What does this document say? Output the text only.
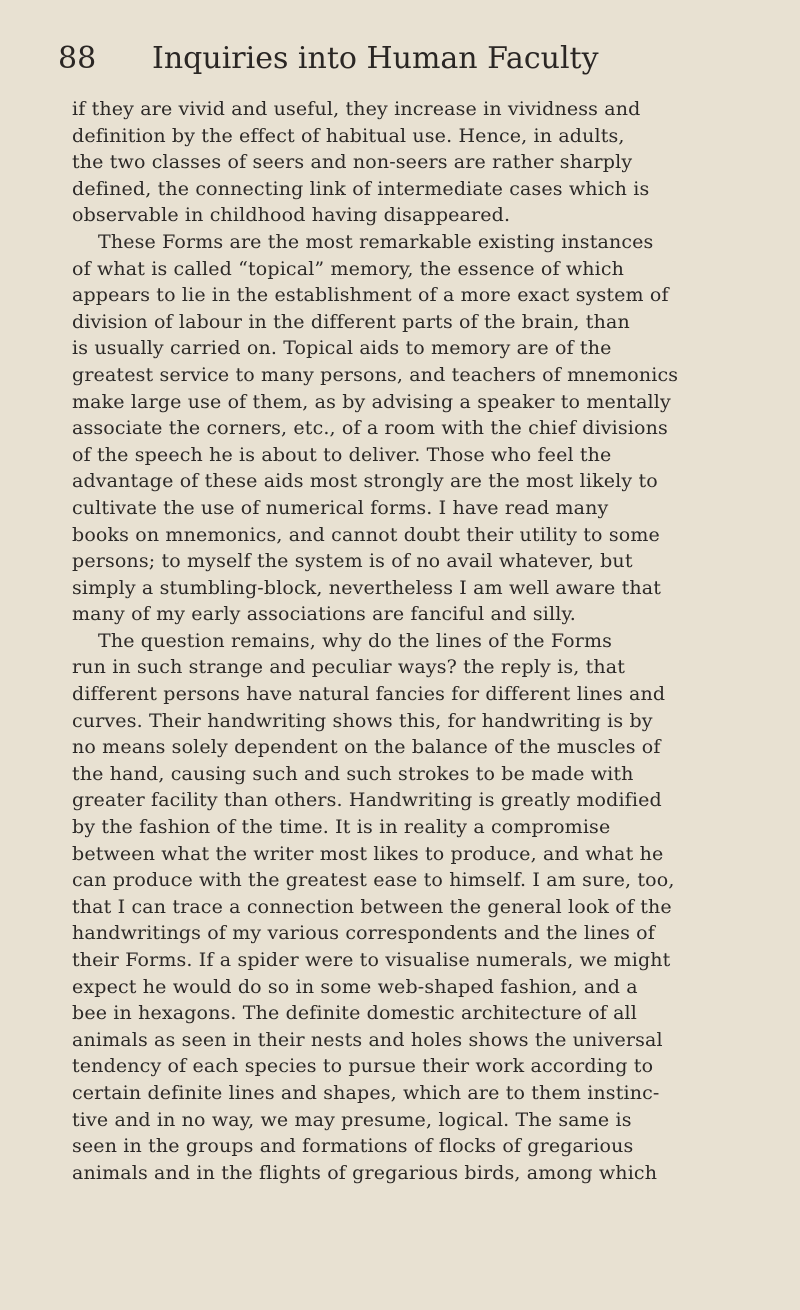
88 Inquiries into Human Faculty
if they are vivid and useful, they increase in vividness and
definition by the effect of habitual use. Hence, in adults,
the two classes of seers and non-seers are rather sharply
defined, the connecting link of intermediate cases which is
observable in childhood having disappeared.
These Forms are the most remarkable existing instances
of what is called “topical” memory, the essence of which
appears to lie in the establishment of a more exact system of
division of labour in the different parts of the brain, than
is usually carried on. Topical aids to memory are of the
greatest service to many persons, and teachers of mnemonics
make large use of them, as by advising a speaker to mentally
associate the corners, etc., of a room with the chief divisions
of the speech he is about to deliver. Those who feel the
advantage of these aids most strongly are the most likely to
cultivate the use of numerical forms. I have read many
books on mnemonics, and cannot doubt their utility to some
persons; to myself the system is of no avail whatever, but
simply a stumbling-block, nevertheless I am well aware that
many of my early associations are fanciful and silly.
The question remains, why do the lines of the Forms
run in such strange and peculiar ways? the reply is, that
different persons have natural fancies for different lines and
curves. Their handwriting shows this, for handwriting is by
no means solely dependent on the balance of the muscles of
the hand, causing such and such strokes to be made with
greater facility than others. Handwriting is greatly modified
by the fashion of the time. It is in reality a compromise
between what the writer most likes to produce, and what he
can produce with the greatest ease to himself. I am sure, too,
that I can trace a connection between the general look of the
handwritings of my various correspondents and the lines of
their Forms. If a spider were to visualise numerals, we might
expect he would do so in some web-shaped fashion, and a
bee in hexagons. The definite domestic architecture of all
animals as seen in their nests and holes shows the universal
tendency of each species to pursue their work according to
certain definite lines and shapes, which are to them instinc-
tive and in no way, we may presume, logical. The same is
seen in the groups and formations of flocks of gregarious
animals and in the flights of gregarious birds, among which
